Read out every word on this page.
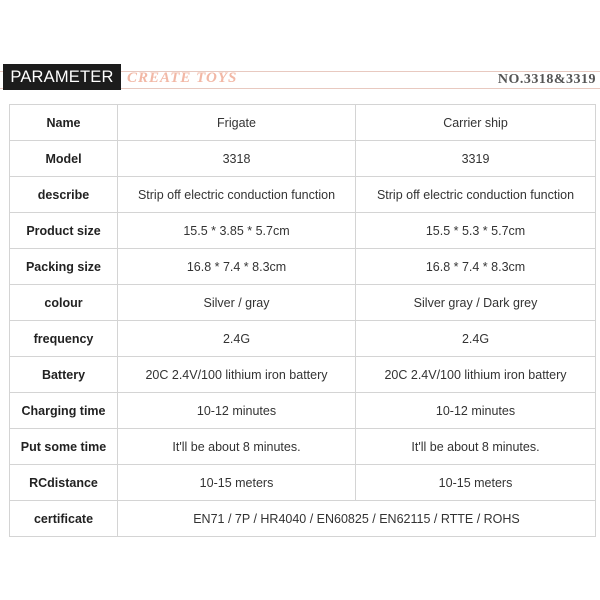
PARAMETER CREATE TOYS	NO.3318&3319
Name	Frigate	Carrier ship
Model	3318	3319
describe	Strip off electric conduction function	Strip off electric conduction function
Product size	15.5 * 3.85 * 5.7cm	15.5 * 5.3 * 5.7cm
Packing size	16.8 * 7.4 * 8.3cm	16.8 * 7.4 * 8.3cm
colour	Silver / gray	Silver gray / Dark grey
frequency	2.4G	2.4G
Battery	20C 2.4V/100 lithium iron battery	20C 2.4V/100 lithium iron battery
Charging time	10-12 minutes	10-12 minutes
Put some time	It'll be about 8 minutes.	It'll be about 8 minutes.
RCdistance	10-15 meters	10-15 meters
certificate	EN71 / 7P / HR4040 / EN60825 / EN62115 / RTTE / ROHS	
